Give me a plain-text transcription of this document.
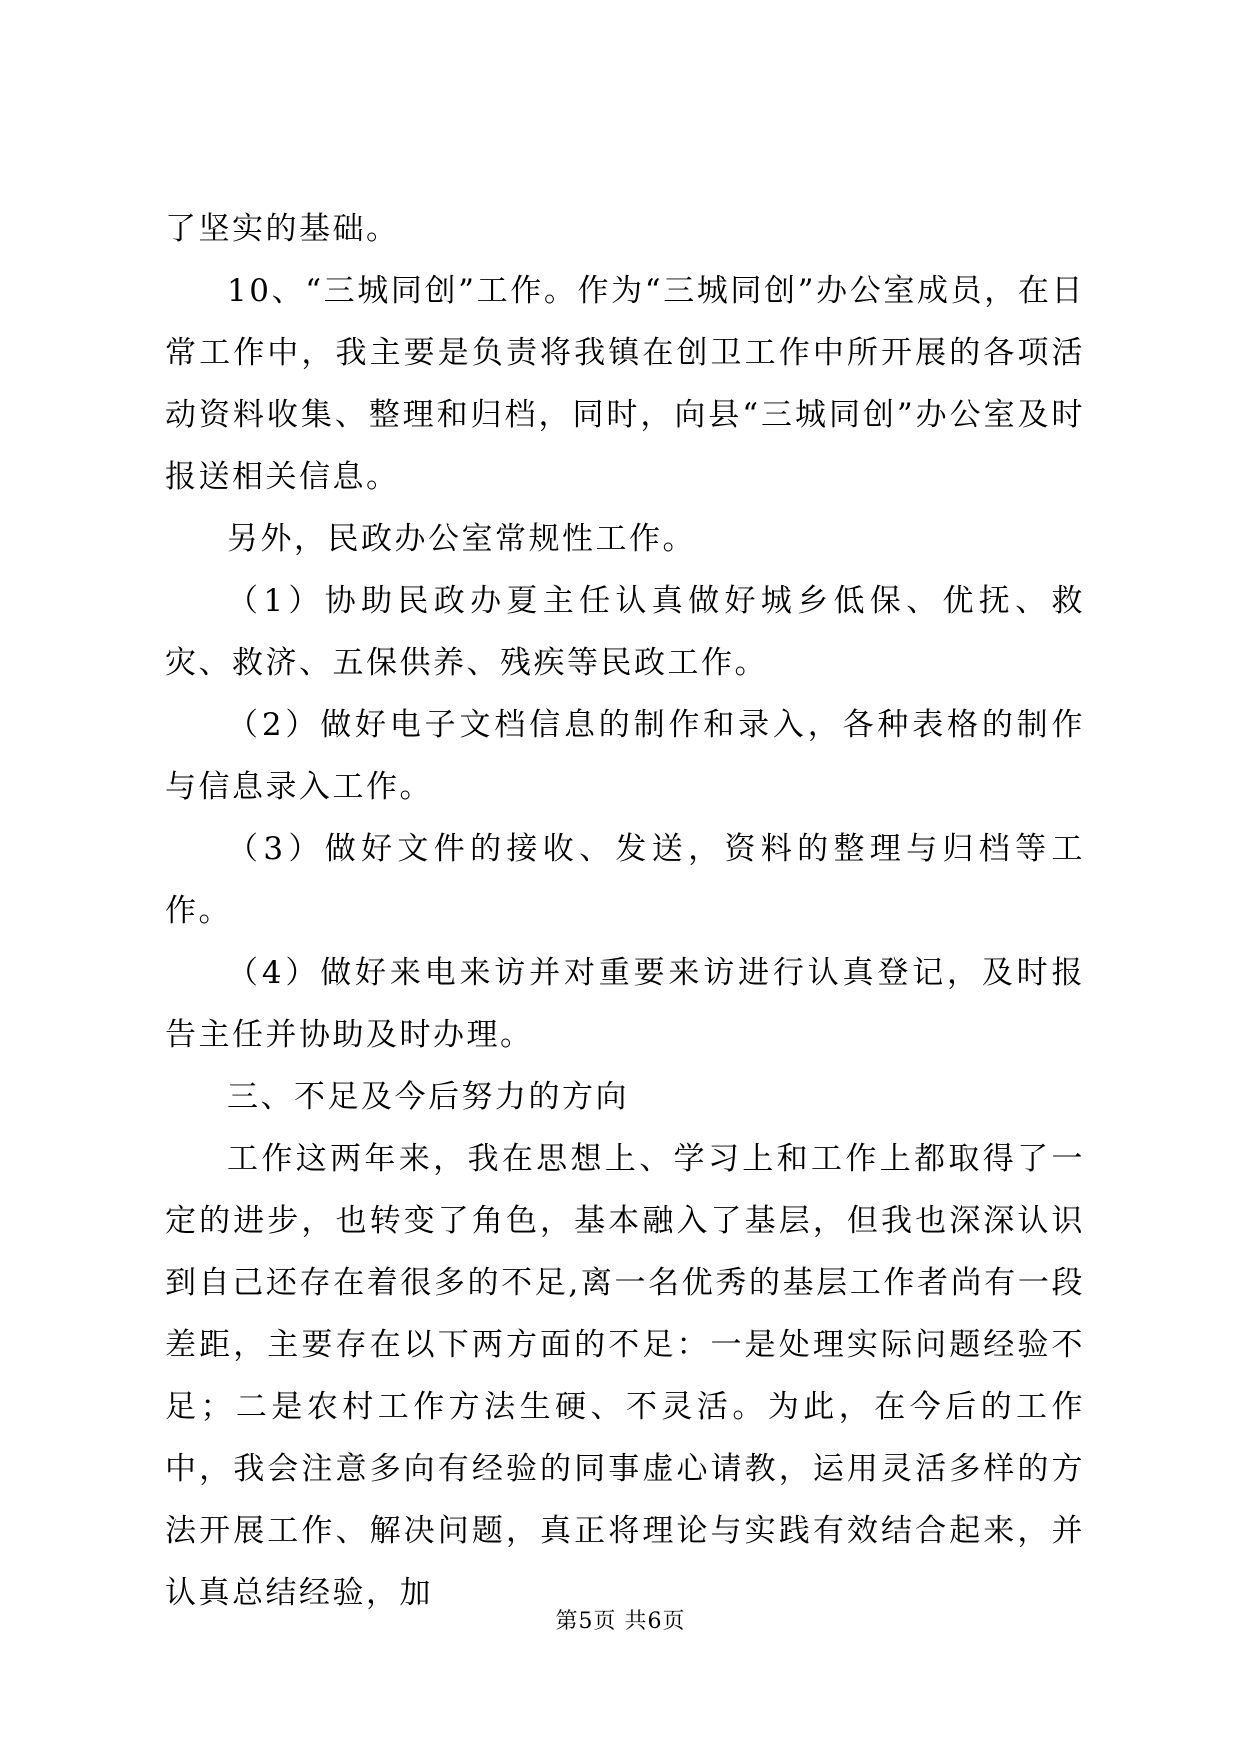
了坚实的基础。

10、“三城同创”工作。作为“三城同创”办公室成员，在日常工作中，我主要是负责将我镇在创卫工作中所开展的各项活动资料收集、整理和归档，同时，向县“三城同创”办公室及时报送相关信息。

另外，民政办公室常规性工作。

（1）协助民政办夏主任认真做好城乡低保、优抚、救灾、救济、五保供养、残疾等民政工作。

（2）做好电子文档信息的制作和录入，各种表格的制作与信息录入工作。

（3）做好文件的接收、发送，资料的整理与归档等工作。

（4）做好来电来访并对重要来访进行认真登记，及时报告主任并协助及时办理。

三、不足及今后努力的方向

工作这两年来，我在思想上、学习上和工作上都取得了一定的进步，也转变了角色，基本融入了基层，但我也深深认识到自己还存在着很多的不足,离一名优秀的基层工作者尚有一段差距，主要存在以下两方面的不足：一是处理实际问题经验不足；二是农村工作方法生硬、不灵活。为此，在今后的工作中，我会注意多向有经验的同事虚心请教，运用灵活多样的方法开展工作、解决问题，真正将理论与实践有效结合起来，并认真总结经验，加

第5页 共6页
